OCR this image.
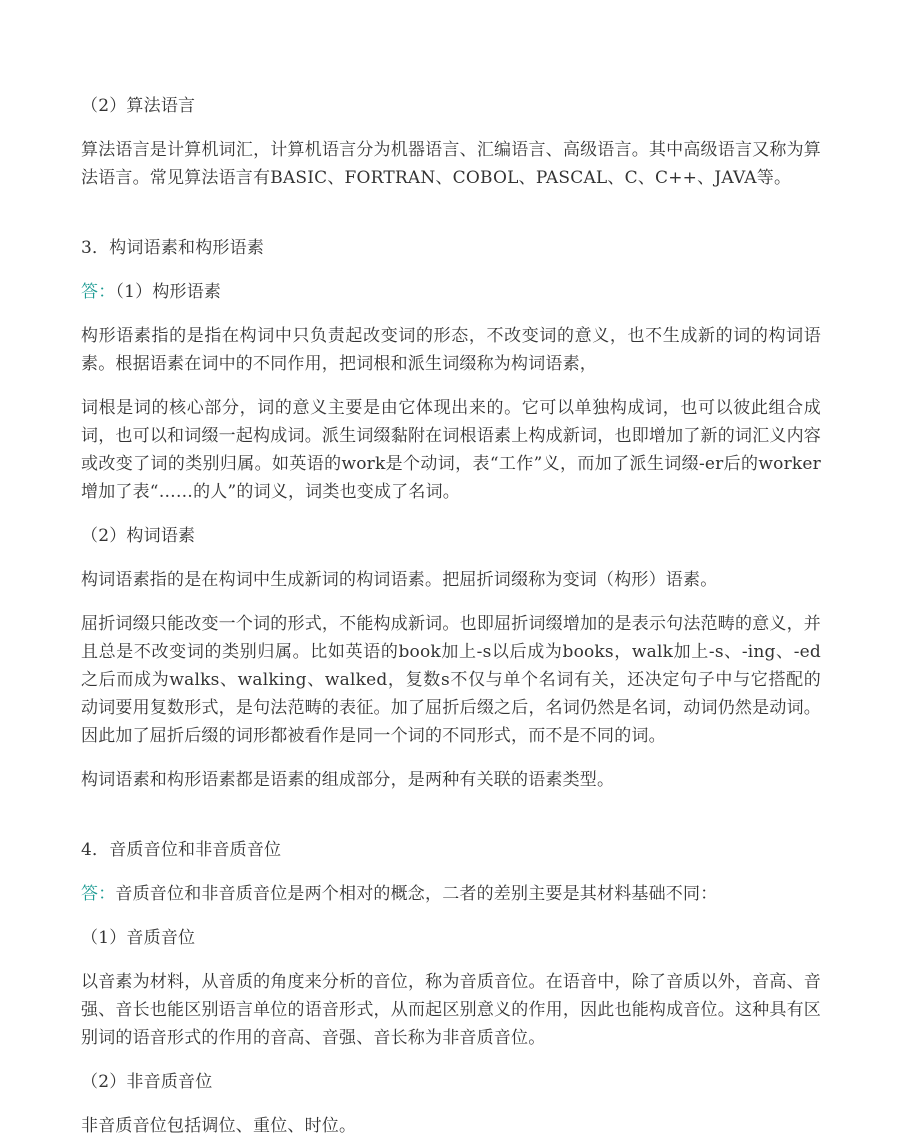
（2）算法语言

算法语言是计算机词汇，计算机语言分为机器语言、汇编语言、高级语言。其中高级语言又称为算法语言。常见算法语言有BASIC、FORTRAN、COBOL、PASCAL、C、C++、JAVA等。

3．构词语素和构形语素

答：（1）构形语素

构形语素指的是指在构词中只负责起改变词的形态，不改变词的意义，也不生成新的词的构词语素。根据语素在词中的不同作用，把词根和派生词缀称为构词语素，

词根是词的核心部分，词的意义主要是由它体现出来的。它可以单独构成词，也可以彼此组合成词，也可以和词缀一起构成词。派生词缀黏附在词根语素上构成新词，也即增加了新的词汇义内容或改变了词的类别归属。如英语的work是个动词，表“工作”义，而加了派生词缀-er后的worker增加了表“……的人”的词义，词类也变成了名词。

（2）构词语素

构词语素指的是在构词中生成新词的构词语素。把屈折词缀称为变词（构形）语素。

屈折词缀只能改变一个词的形式，不能构成新词。也即屈折词缀增加的是表示句法范畴的意义，并且总是不改变词的类别归属。比如英语的book加上-s以后成为books，walk加上-s、-ing、-ed之后而成为walks、walking、walked，复数s不仅与单个名词有关，还决定句子中与它搭配的动词要用复数形式，是句法范畴的表征。加了屈折后缀之后，名词仍然是名词，动词仍然是动词。因此加了屈折后缀的词形都被看作是同一个词的不同形式，而不是不同的词。

构词语素和构形语素都是语素的组成部分，是两种有关联的语素类型。

4．音质音位和非音质音位

答：音质音位和非音质音位是两个相对的概念，二者的差别主要是其材料基础不同：

（1）音质音位

以音素为材料，从音质的角度来分析的音位，称为音质音位。在语音中，除了音质以外，音高、音强、音长也能区别语言单位的语音形式，从而起区别意义的作用，因此也能构成音位。这种具有区别词的语音形式的作用的音高、音强、音长称为非音质音位。

（2）非音质音位

非音质音位包括调位、重位、时位。
